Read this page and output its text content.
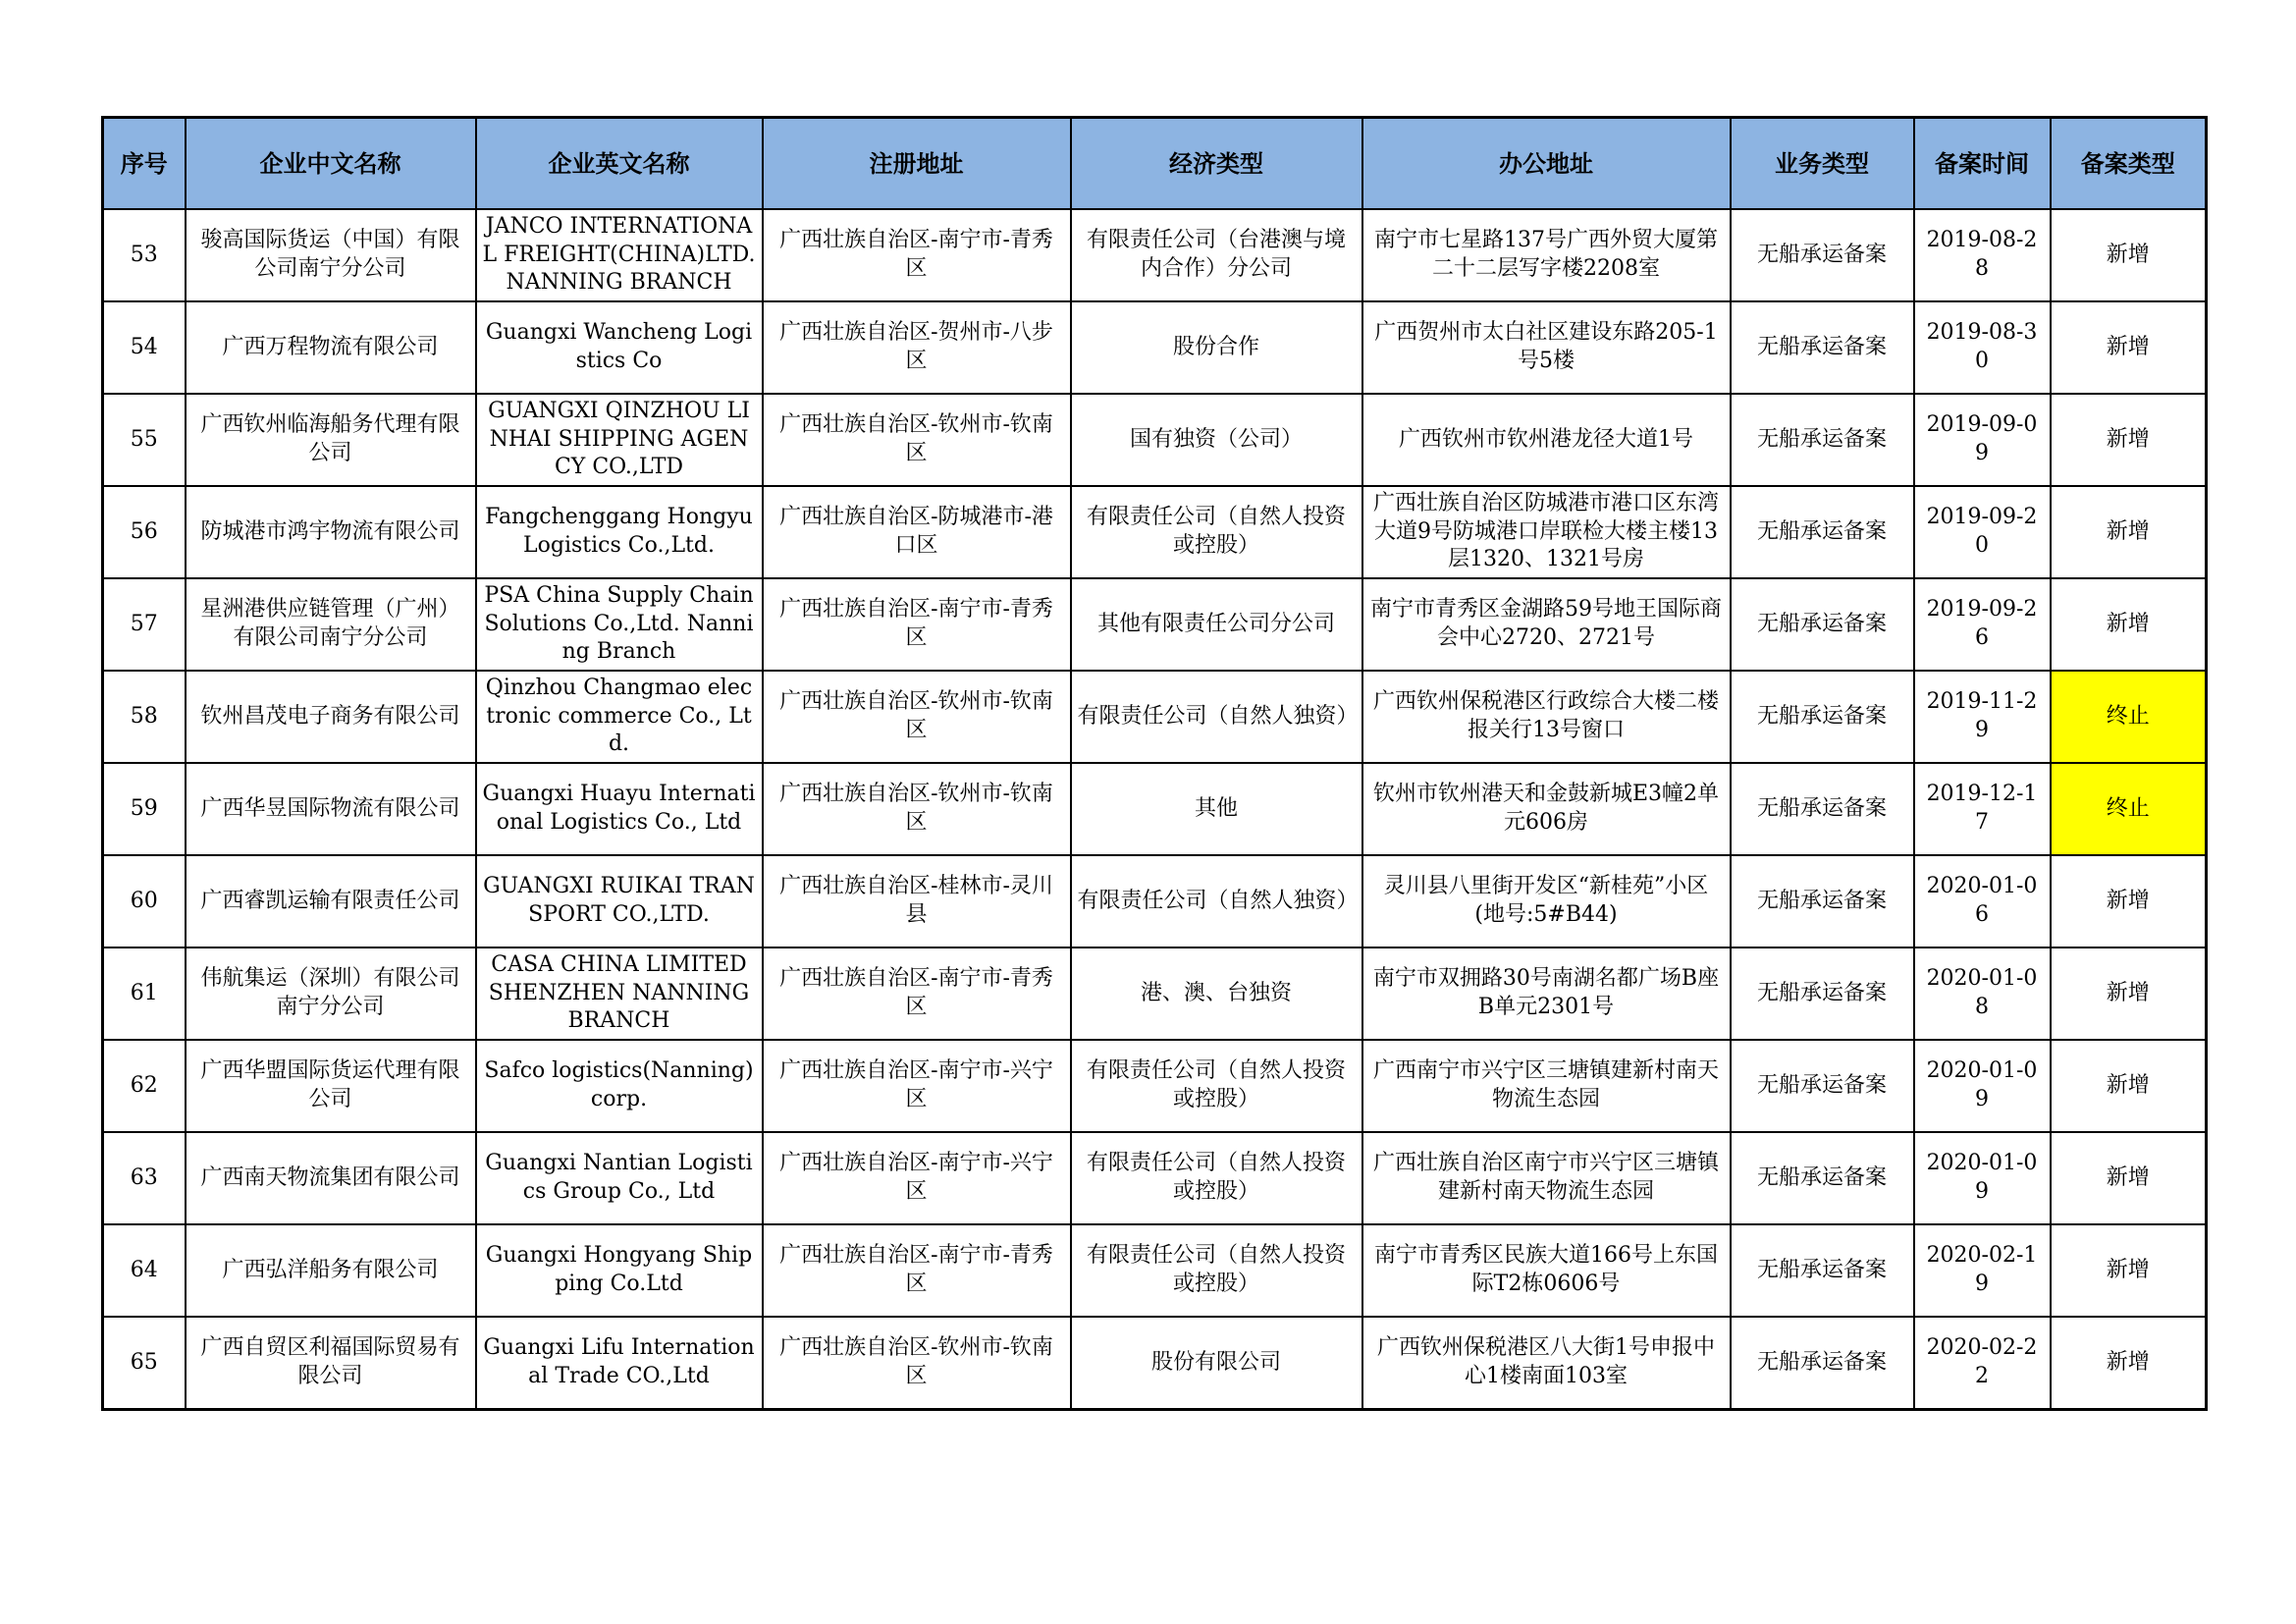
序号	企业中文名称	企业英文名称	注册地址	经济类型	办公地址	业务类型	备案时间	备案类型
53	骏高国际货运（中国）有限公司南宁分公司	JANCO INTERNATIONAL FREIGHT(CHINA)LTD. NANNING BRANCH	广西壮族自治区-南宁市-青秀区	有限责任公司（台港澳与境内合作）分公司	南宁市七星路137号广西外贸大厦第二十二层写字楼2208室	无船承运备案	2019-08-28	新增
54	广西万程物流有限公司	Guangxi Wancheng Logistics Co	广西壮族自治区-贺州市-八步区	股份合作	广西贺州市太白社区建设东路205-1号5楼	无船承运备案	2019-08-30	新增
55	广西钦州临海船务代理有限公司	GUANGXI QINZHOU LINHAI SHIPPING AGENCY CO.,LTD	广西壮族自治区-钦州市-钦南区	国有独资（公司）	广西钦州市钦州港龙径大道1号	无船承运备案	2019-09-09	新增
56	防城港市鸿宇物流有限公司	Fangchenggang Hongyu Logistics Co.,Ltd.	广西壮族自治区-防城港市-港口区	有限责任公司（自然人投资或控股）	广西壮族自治区防城港市港口区东湾大道9号防城港口岸联检大楼主楼13层1320、1321号房	无船承运备案	2019-09-20	新增
57	星洲港供应链管理（广州）有限公司南宁分公司	PSA China Supply Chain Solutions Co.,Ltd. Nanning Branch	广西壮族自治区-南宁市-青秀区	其他有限责任公司分公司	南宁市青秀区金湖路59号地王国际商会中心2720、2721号	无船承运备案	2019-09-26	新增
58	钦州昌茂电子商务有限公司	Qinzhou Changmao electronic commerce Co., Ltd.	广西壮族自治区-钦州市-钦南区	有限责任公司（自然人独资）	广西钦州保税港区行政综合大楼二楼报关行13号窗口	无船承运备案	2019-11-29	终止
59	广西华昱国际物流有限公司	Guangxi Huayu International Logistics Co., Ltd	广西壮族自治区-钦州市-钦南区	其他	钦州市钦州港天和金鼓新城E3幢2单元606房	无船承运备案	2019-12-17	终止
60	广西睿凯运输有限责任公司	GUANGXI RUIKAI TRANSPORT CO.,LTD.	广西壮族自治区-桂林市-灵川县	有限责任公司（自然人独资）	灵川县八里街开发区“新桂苑”小区(地号:5#B44)	无船承运备案	2020-01-06	新增
61	伟航集运（深圳）有限公司南宁分公司	CASA CHINA LIMITED SHENZHEN NANNING BRANCH	广西壮族自治区-南宁市-青秀区	港、澳、台独资	南宁市双拥路30号南湖名都广场B座B单元2301号	无船承运备案	2020-01-08	新增
62	广西华盟国际货运代理有限公司	Safco logistics(Nanning) corp.	广西壮族自治区-南宁市-兴宁区	有限责任公司（自然人投资或控股）	广西南宁市兴宁区三塘镇建新村南天物流生态园	无船承运备案	2020-01-09	新增
63	广西南天物流集团有限公司	Guangxi Nantian Logistics Group Co., Ltd	广西壮族自治区-南宁市-兴宁区	有限责任公司（自然人投资或控股）	广西壮族自治区南宁市兴宁区三塘镇建新村南天物流生态园	无船承运备案	2020-01-09	新增
64	广西弘洋船务有限公司	Guangxi Hongyang Shipping Co.Ltd	广西壮族自治区-南宁市-青秀区	有限责任公司（自然人投资或控股）	南宁市青秀区民族大道166号上东国际T2栋0606号	无船承运备案	2020-02-19	新增
65	广西自贸区利福国际贸易有限公司	Guangxi Lifu International Trade CO.,Ltd	广西壮族自治区-钦州市-钦南区	股份有限公司	广西钦州保税港区八大街1号申报中心1楼南面103室	无船承运备案	2020-02-22	新增
